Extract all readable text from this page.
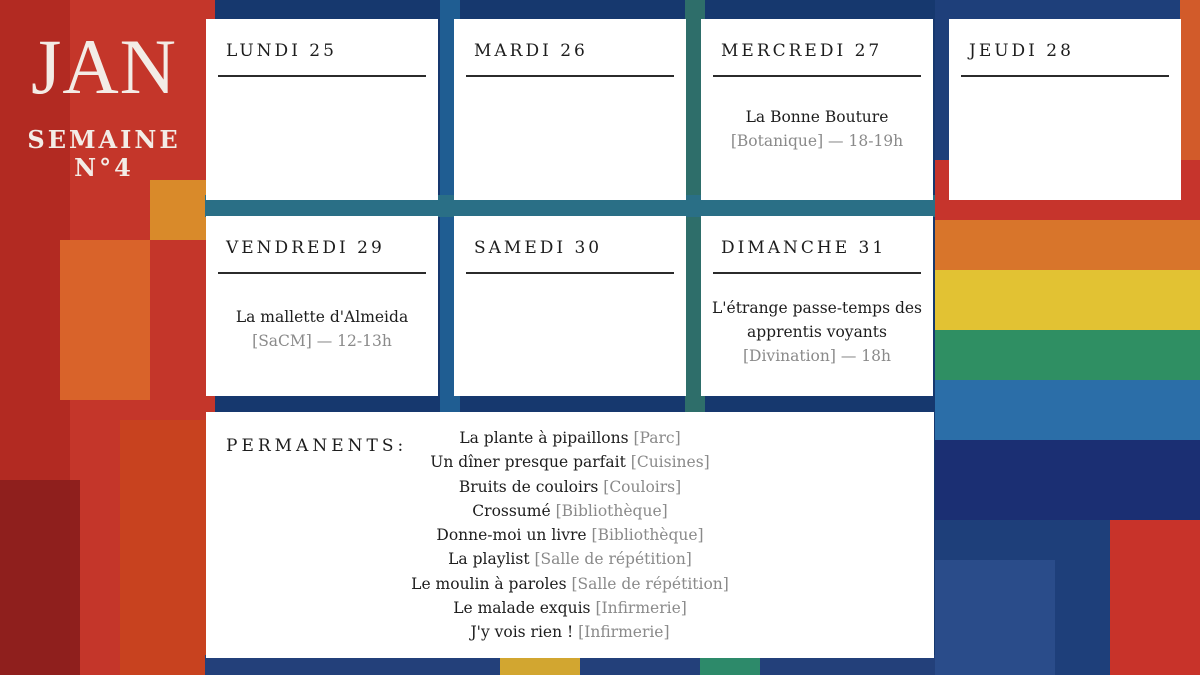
JAN
SEMAINE
N°4
LUNDI 25	MARDI 26	MERCREDI 27
La Bonne Bouture
[Botanique] — 18-19h
JEUDI 28
VENDREDI 29
La mallette d'Almeida
[SaCM] — 12-13h
SAMEDI 30	DIMANCHE 31
L'étrange passe-temps des
apprentis voyants
[Divination] — 18h
PERMANENTS:	La plante à pipaillons [Parc]
Un dîner presque parfait [Cuisines]
Bruits de couloirs [Couloirs]
Crossumé [Bibliothèque]
Donne-moi un livre [Bibliothèque]
La playlist [Salle de répétition]
Le moulin à paroles [Salle de répétition]
Le malade exquis [Infirmerie]
J'y vois rien ! [Infirmerie]
